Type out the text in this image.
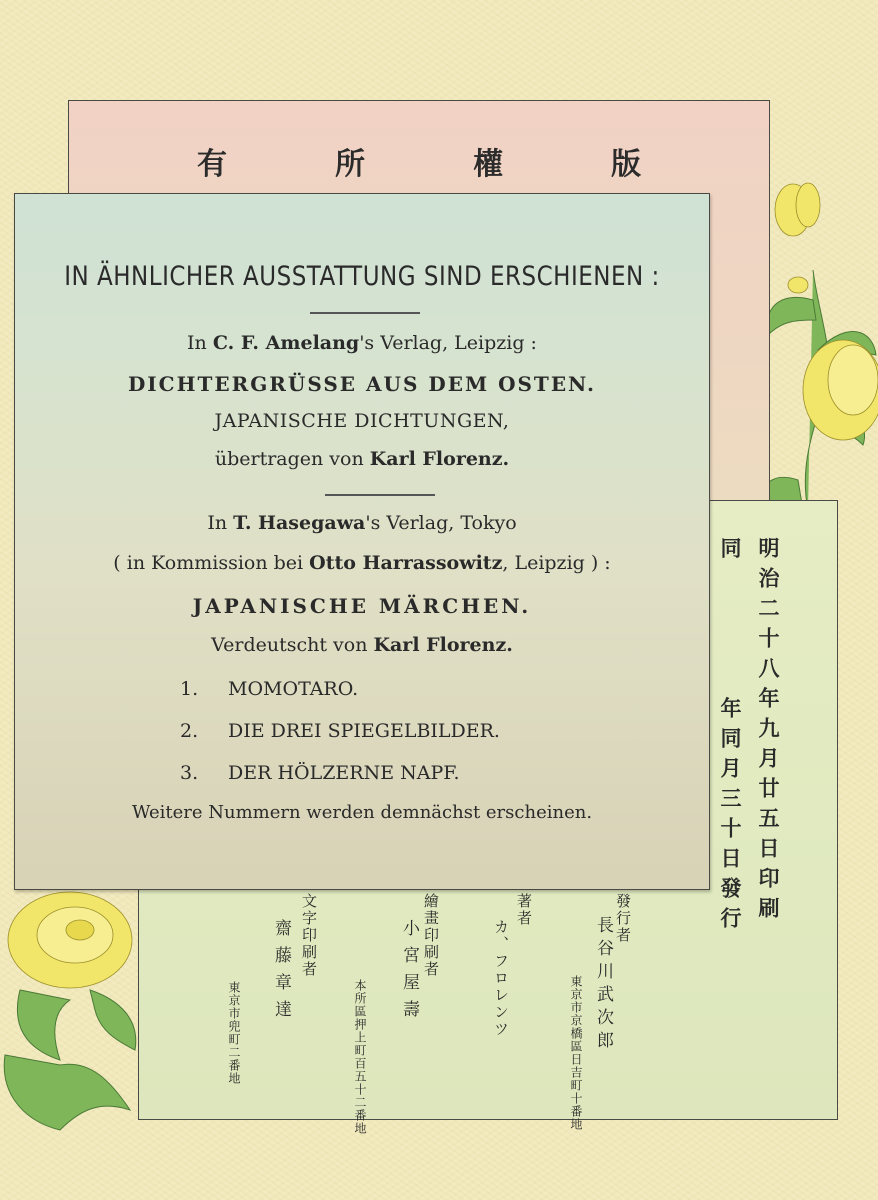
有所權版
明治二十八年九月廿五日印刷
同
年同月三十日發行
發行者
長谷川武次郎
東京市京橋區日吉町十番地
著者
カ、フロレンツ
繪畫印刷者
小宮屋壽
本所區押上町百五十二番地
文字印刷者
齋藤章達
東京市兜町二番地
IN ÄHNLICHER AUSSTATTUNG SIND ERSCHIENEN :
In C. F. Amelang's Verlag, Leipzig :
DICHTERGRÜSSE AUS DEM OSTEN.
JAPANISCHE DICHTUNGEN,
übertragen von Karl Florenz.
In T. Hasegawa's Verlag, Tokyo
( in Kommission bei Otto Harrassowitz, Leipzig ) :
JAPANISCHE MÄRCHEN.
Verdeutscht von Karl Florenz.
1. MOMOTARO.
2. DIE DREI SPIEGELBILDER.
3. DER HÖLZERNE NAPF.
Weitere Nummern werden demnächst erscheinen.
